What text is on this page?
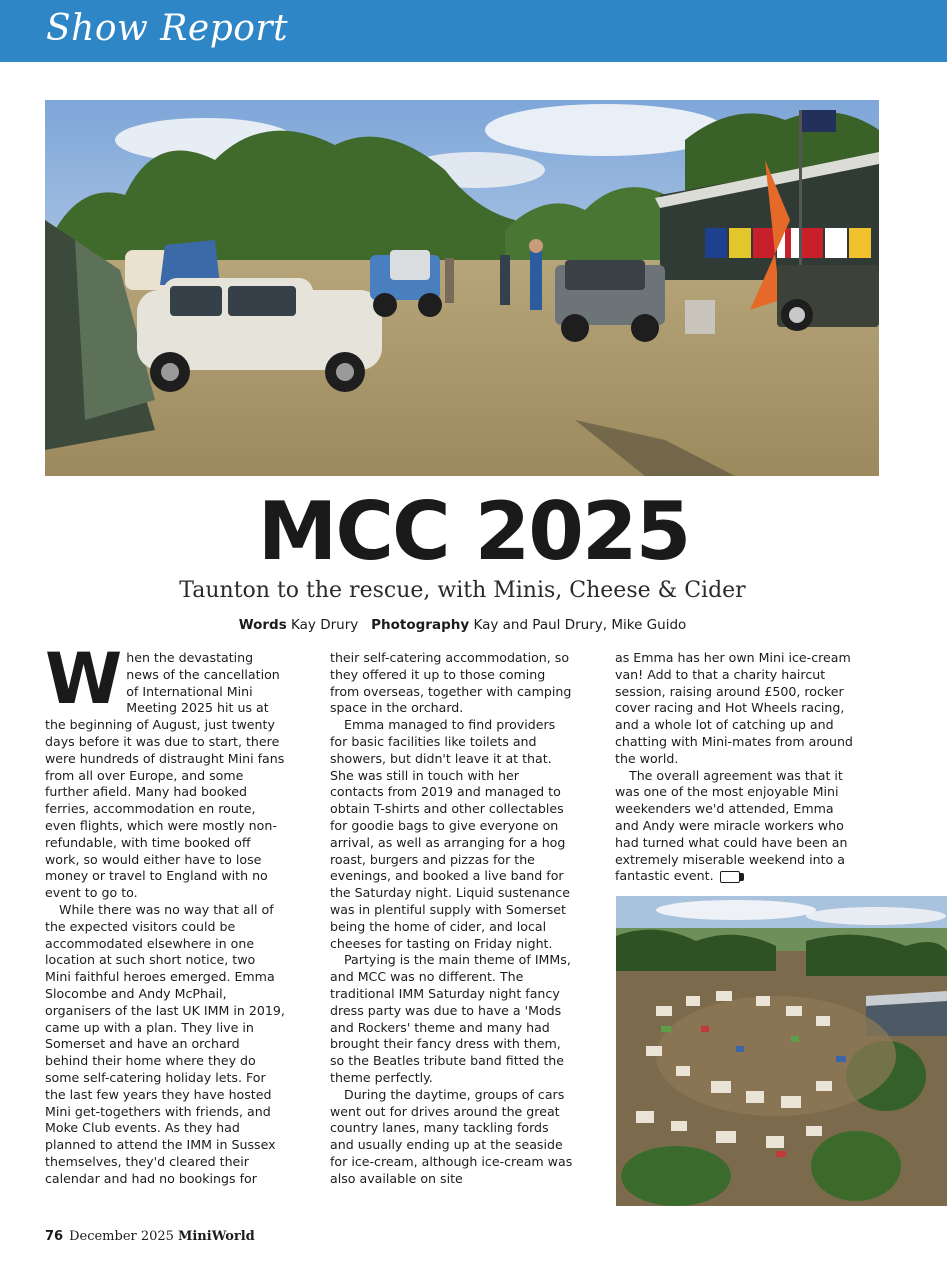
Show Report
MCC 2025
Taunton to the rescue, with Minis, Cheese & Cider
Words Kay Drury Photography Kay and Paul Drury, Mike Guido
W hen the devastating news of the cancellation of International Mini Meeting 2025 hit us at the beginning of August, just twenty days before it was due to start, there were hundreds of distraught Mini fans from all over Europe, and some further afield. Many had booked ferries, accommodation en route, even flights, which were mostly non-refundable, with time booked off work, so would either have to lose money or travel to England with no event to go to.

While there was no way that all of the expected visitors could be accommodated elsewhere in one location at such short notice, two Mini faithful heroes emerged. Emma Slocombe and Andy McPhail, organisers of the last UK IMM in 2019, came up with a plan. They live in Somerset and have an orchard behind their home where they do some self-catering holiday lets. For the last few years they have hosted Mini get-togethers with friends, and Moke Club events. As they had planned to attend the IMM in Sussex themselves, they'd cleared their calendar and had no bookings for

their self-catering accommodation, so they offered it up to those coming from overseas, together with camping space in the orchard.

Emma managed to find providers for basic facilities like toilets and showers, but didn't leave it at that. She was still in touch with her contacts from 2019 and managed to obtain T-shirts and other collectables for goodie bags to give everyone on arrival, as well as arranging for a hog roast, burgers and pizzas for the evenings, and booked a live band for the Saturday night. Liquid sustenance was in plentiful supply with Somerset being the home of cider, and local cheeses for tasting on Friday night.

Partying is the main theme of IMMs, and MCC was no different. The traditional IMM Saturday night fancy dress party was due to have a 'Mods and Rockers' theme and many had brought their fancy dress with them, so the Beatles tribute band fitted the theme perfectly.

During the daytime, groups of cars went out for drives around the great country lanes, many tackling fords and usually ending up at the seaside for ice-cream, although ice-cream was also available on site

as Emma has her own Mini ice-cream van! Add to that a charity haircut session, raising around £500, rocker cover racing and Hot Wheels racing, and a whole lot of catching up and chatting with Mini-mates from around the world.

The overall agreement was that it was one of the most enjoyable Mini weekenders we'd attended, Emma and Andy were miracle workers who had turned what could have been an extremely miserable weekend into a fantastic event.

76 December 2025 MiniWorld
